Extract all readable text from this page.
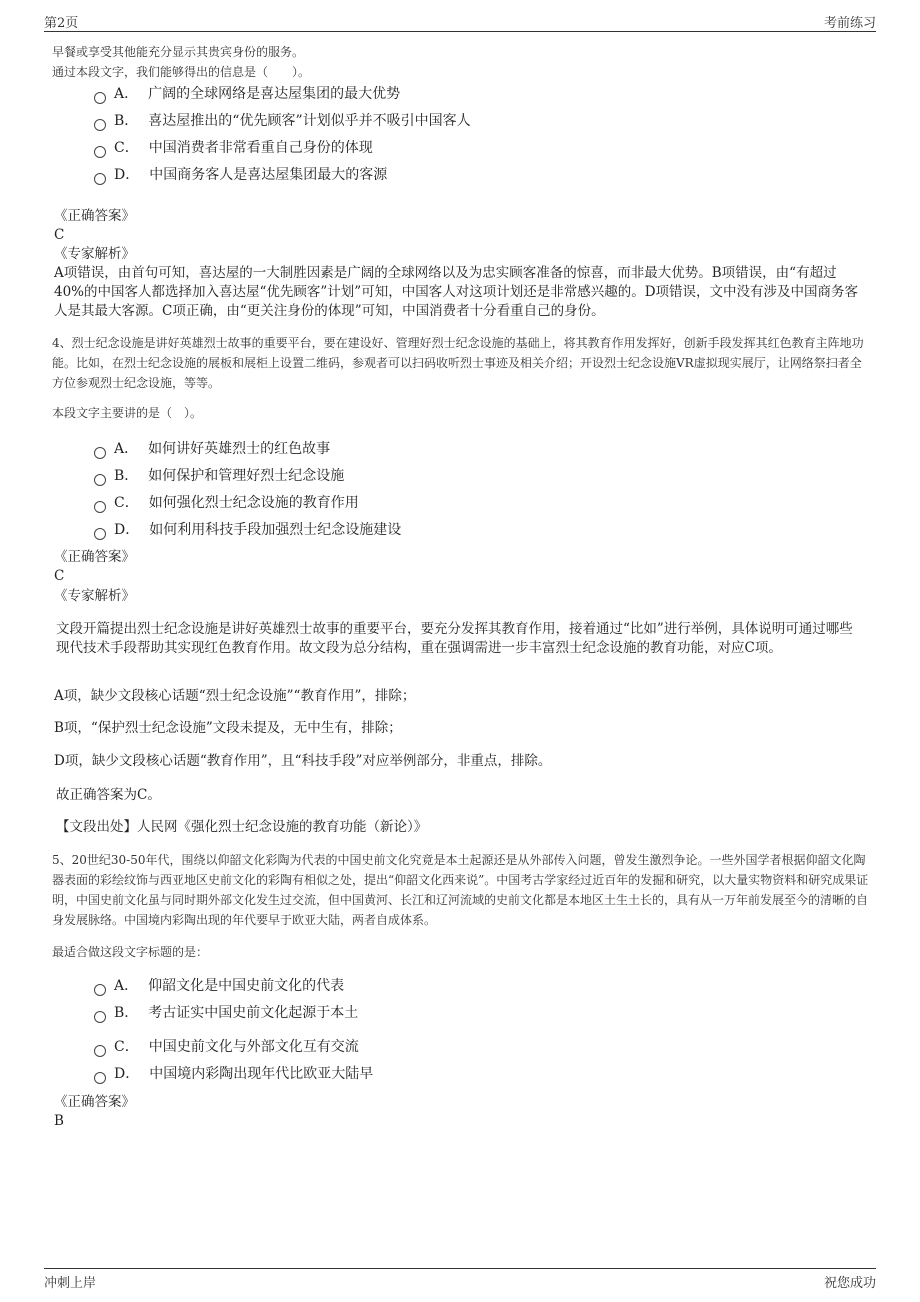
第2页	考前练习
早餐或享受其他能充分显示其贵宾身份的服务。
通过本段文字，我们能够得出的信息是（　　）。
A． 广阔的全球网络是喜达屋集团的最大优势
B． 喜达屋推出的“优先顾客”计划似乎并不吸引中国客人
C． 中国消费者非常看重自己身份的体现
D． 中国商务客人是喜达屋集团最大的客源
《正确答案》
C
《专家解析》
A项错误，由首句可知，喜达屋的一大制胜因素是广阔的全球网络以及为忠实顾客准备的惊喜，而非最大优势。B项错误，由“有超过40%的中国客人都选择加入喜达屋“优先顾客”计划”可知，中国客人对这项计划还是非常感兴趣的。D项错误，文中没有涉及中国商务客人是其最大客源。C项正确，由“更关注身份的体现”可知，中国消费者十分看重自己的身份。
4、烈士纪念设施是讲好英雄烈士故事的重要平台，要在建设好、管理好烈士纪念设施的基础上，将其教育作用发挥好，创新手段发挥其红色教育主阵地功能。比如，在烈士纪念设施的展板和展柜上设置二维码，参观者可以扫码收听烈士事迹及相关介绍；开设烈士纪念设施VR虚拟现实展厅，让网络祭扫者全方位参观烈士纪念设施，等等。
本段文字主要讲的是（　）。
A． 如何讲好英雄烈士的红色故事
B． 如何保护和管理好烈士纪念设施
C． 如何强化烈士纪念设施的教育作用
D． 如何利用科技手段加强烈士纪念设施建设
《正确答案》
C
《专家解析》
文段开篇提出烈士纪念设施是讲好英雄烈士故事的重要平台，要充分发挥其教育作用，接着通过“比如”进行举例，具体说明可通过哪些现代技术手段帮助其实现红色教育作用。故文段为总分结构，重在强调需进一步丰富烈士纪念设施的教育功能，对应C项。
A项，缺少文段核心话题“烈士纪念设施”“教育作用”，排除；
B项，“保护烈士纪念设施”文段未提及，无中生有，排除；
D项，缺少文段核心话题“教育作用”，且“科技手段”对应举例部分，非重点，排除。
故正确答案为C。
【文段出处】人民网《强化烈士纪念设施的教育功能（新论）》
5、20世纪30-50年代，围绕以仰韶文化彩陶为代表的中国史前文化究竟是本土起源还是从外部传入问题，曾发生激烈争论。一些外国学者根据仰韶文化陶器表面的彩绘纹饰与西亚地区史前文化的彩陶有相似之处，提出“仰韶文化西来说”。中国考古学家经过近百年的发掘和研究，以大量实物资料和研究成果证明，中国史前文化虽与同时期外部文化发生过交流，但中国黄河、长江和辽河流域的史前文化都是本地区土生土长的，具有从一万年前发展至今的清晰的自身发展脉络。中国境内彩陶出现的年代要早于欧亚大陆，两者自成体系。
最适合做这段文字标题的是：
A． 仰韶文化是中国史前文化的代表
B． 考古证实中国史前文化起源于本土
C． 中国史前文化与外部文化互有交流
D． 中国境内彩陶出现年代比欧亚大陆早
《正确答案》
B
冲刺上岸	祝您成功
